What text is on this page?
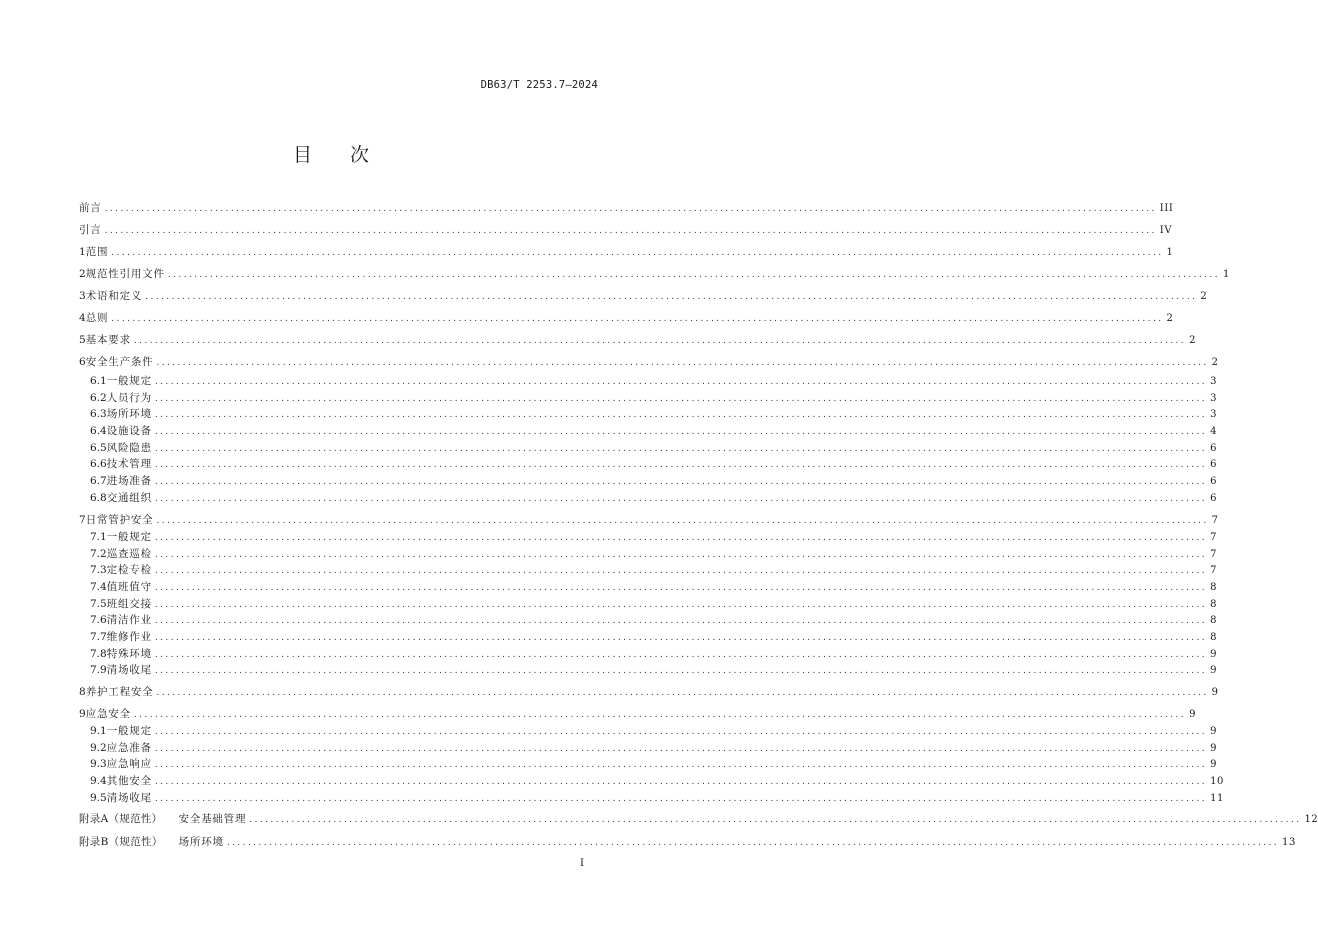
DB63/T 2253.7—2024
目　　次
前言 ........................................................................................................................................................................................................ III
引言 ........................................................................................................................................................................................................ IV
1 范围 ........................................................................................................................................................................................................ 1
2 规范性引用文件 ........................................................................................................................................................................................................ 1
3 术语和定义 ........................................................................................................................................................................................................ 2
4 总则 ........................................................................................................................................................................................................ 2
5 基本要求 ........................................................................................................................................................................................................ 2
6 安全生产条件 ........................................................................................................................................................................................................ 2
6.1 一般规定 ........................................................................................................................................................................................................ 3
6.2 人员行为 ........................................................................................................................................................................................................ 3
6.3 场所环境 ........................................................................................................................................................................................................ 3
6.4 设施设备 ........................................................................................................................................................................................................ 4
6.5 风险隐患 ........................................................................................................................................................................................................ 6
6.6 技术管理 ........................................................................................................................................................................................................ 6
6.7 进场准备 ........................................................................................................................................................................................................ 6
6.8 交通组织 ........................................................................................................................................................................................................ 6
7 日常管护安全 ........................................................................................................................................................................................................ 7
7.1 一般规定 ........................................................................................................................................................................................................ 7
7.2 巡查巡检 ........................................................................................................................................................................................................ 7
7.3 定检专检 ........................................................................................................................................................................................................ 7
7.4 值班值守 ........................................................................................................................................................................................................ 8
7.5 班组交接 ........................................................................................................................................................................................................ 8
7.6 清洁作业 ........................................................................................................................................................................................................ 8
7.7 维修作业 ........................................................................................................................................................................................................ 8
7.8 特殊环境 ........................................................................................................................................................................................................ 9
7.9 清场收尾 ........................................................................................................................................................................................................ 9
8 养护工程安全 ........................................................................................................................................................................................................ 9
9 应急安全 ........................................................................................................................................................................................................ 9
9.1 一般规定 ........................................................................................................................................................................................................ 9
9.2 应急准备 ........................................................................................................................................................................................................ 9
9.3 应急响应 ........................................................................................................................................................................................................ 9
9.4 其他安全 ........................................................................................................................................................................................................ 10
9.5 清场收尾 ........................................................................................................................................................................................................ 11
附录A（规范性） 安全基础管理 ........................................................................................................................................................................................................ 12
附录B（规范性） 场所环境 ........................................................................................................................................................................................................ 13
I
